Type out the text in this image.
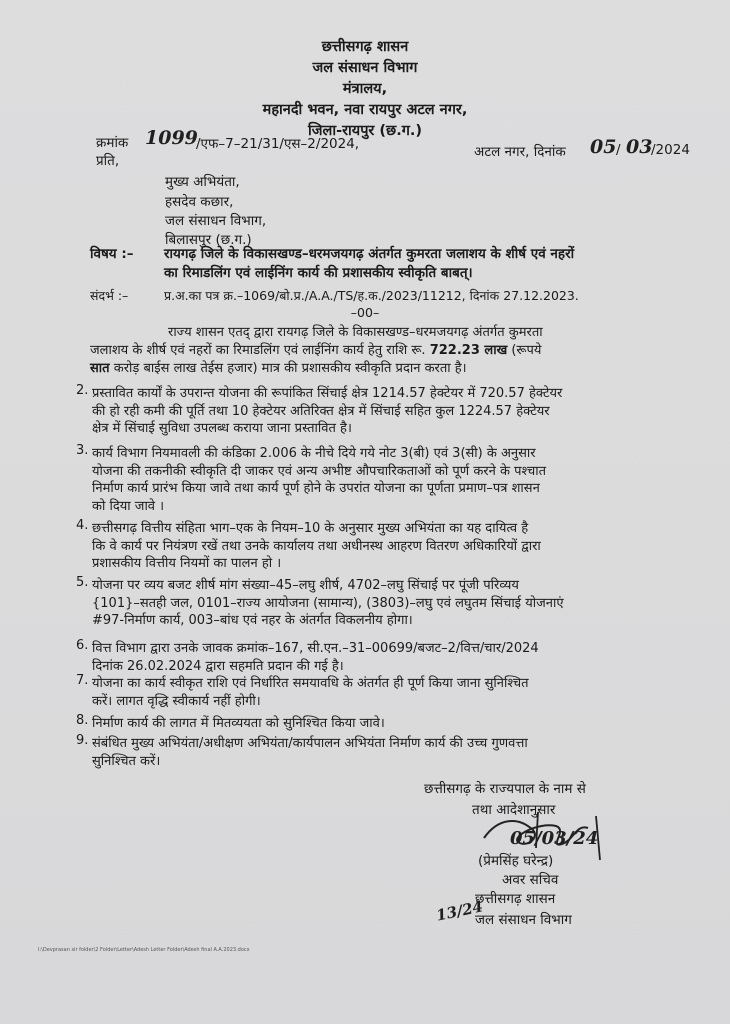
छत्तीसगढ़ शासन
जल संसाधन विभाग
मंत्रालय,
महानदी भवन, नवा रायपुर अटल नगर,
जिला-रायपुर (छ.ग.)
क्रमांक 1099
/एफ–7–21/31/एस–2/2024,
प्रति,
अटल नगर, दिनांक 05 / 03
/2024
मुख्य अभियंता,
हसदेव कछार,
जल संसाधन विभाग,
बिलासपुर (छ.ग.)
विषय :– रायगढ़ जिले के विकासखण्ड–धरमजयगढ़ अंतर्गत कुमरता जलाशय के शीर्ष एवं नहरों
का रिमाडलिंग एवं लाईनिंग कार्य की प्रशासकीय स्वीकृति बाबत्।
संदर्भ :–	प्र.अ.का पत्र क्र.–1069/बो.प्र./A.A./TS/ह.क./2023/11212, दिनांक 27.12.2023.
–00–
राज्य शासन एतद् द्वारा रायगढ़ जिले के विकासखण्ड–धरमजयगढ़ अंतर्गत कुमरता
जलाशय के शीर्ष एवं नहरों का रिमाडलिंग एवं लाईनिंग कार्य हेतु राशि रू. 722.23 लाख (रूपये
सात करोड़ बाईस लाख तेईस हजार) मात्र की प्रशासकीय स्वीकृति प्रदान करता है।
2. प्रस्तावित कार्यों के उपरान्त योजना की रूपांकित सिंचाई क्षेत्र 1214.57 हेक्टेयर में 720.57 हेक्टेयर
की हो रही कमी की पूर्ति तथा 10 हेक्टेयर अतिरिक्त क्षेत्र में सिंचाई सहित कुल 1224.57 हेक्टेयर
क्षेत्र में सिंचाई सुविधा उपलब्ध कराया जाना प्रस्तावित है।
3. कार्य विभाग नियमावली की कंडिका 2.006 के नीचे दिये गये नोट 3(बी) एवं 3(सी) के अनुसार
योजना की तकनीकी स्वीकृति दी जाकर एवं अन्य अभीष्ट औपचारिकताओं को पूर्ण करने के पश्चात
निर्माण कार्य प्रारंभ किया जावे तथा कार्य पूर्ण होने के उपरांत योजना का पूर्णता प्रमाण–पत्र शासन
को दिया जावे ।
4. छत्तीसगढ़ वित्तीय संहिता भाग–एक के नियम–10 के अनुसार मुख्य अभियंता का यह दायित्व है
कि वे कार्य पर नियंत्रण रखें तथा उनके कार्यालय तथा अधीनस्थ आहरण वितरण अधिकारियों द्वारा
प्रशासकीय वित्तीय नियमों का पालन हो ।
5. योजना पर व्यय बजट शीर्ष मांग संख्या–45–लघु शीर्ष, 4702–लघु सिंचाई पर पूंजी परिव्यय
{101}–सतही जल, 0101–राज्य आयोजना (सामान्य), (3803)–लघु एवं लघुतम सिंचाई योजनाएं
#97-निर्माण कार्य, 003–बांध एवं नहर के अंतर्गत विकलनीय होगा।
6. वित्त विभाग द्वारा उनके जावक क्रमांक–167, सी.एन.–31–00699/बजट–2/वित्त/चार/2024
दिनांक 26.02.2024 द्वारा सहमति प्रदान की गई है।
7. योजना का कार्य स्वीकृत राशि एवं निर्धारित समयावधि के अंतर्गत ही पूर्ण किया जाना सुनिश्चित
करें। लागत वृद्धि स्वीकार्य नहीं होगी।
8. निर्माण कार्य की लागत में मितव्ययता को सुनिश्चित किया जावे।
9. संबंधित मुख्य अभियंता/अधीक्षण अभियंता/कार्यपालन अभियंता निर्माण कार्य की उच्च गुणवत्ता
सुनिश्चित करें।
छत्तीसगढ़ के राज्यपाल के नाम से
तथा आदेशानुसार
05/03/24
(प्रेमसिंह घरेन्द्र)
अवर सचिव
छत्तीसगढ़ शासन
जल संसाधन विभाग
13/24
I:\Devprasan sir folder\2 Folder\Letter\Adesh Letter Folder\Adesh final A.A.2023.docx
